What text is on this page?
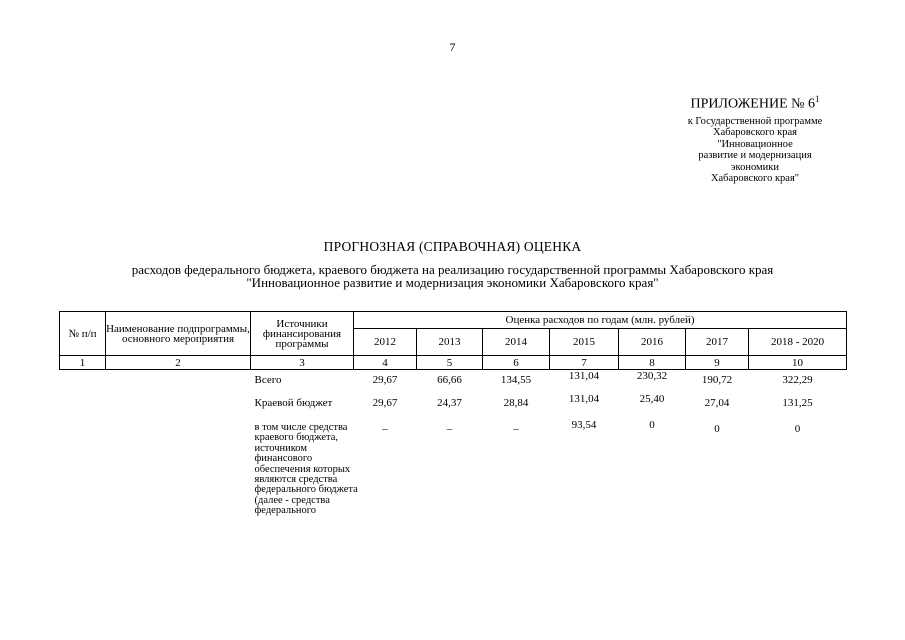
7
ПРИЛОЖЕНИЕ № $6^1$
к Государственной программе
Хабаровского края
"Инновационное
развитие и модернизация
экономики
Хабаровского края"
ПРОГНОЗНАЯ (СПРАВОЧНАЯ) ОЦЕНКА
расходов федерального бюджета, краевого бюджета на реализацию государственной программы Хабаровского края
"Инновационное развитие и модернизация экономики Хабаровского края"
№ п/п	Наименование подпрограммы, основного мероприятия	Источники финансирования программы	Оценка расходов по годам (млн. рублей)						
			2012	2013	2014	2015	2016	2017	2018 - 2020
1	2	3	4	5	6	7	8	9	10
		Всего	29,67	66,66	134,55	131,04	230,32	190,72	322,29
		Краевой бюджет	29,67	24,37	28,84	131,04	25,40	27,04	131,25

		в том числе средства краевого бюджета, источником финансового обеспечения которых являются средства федерального бюджета (далее - средства федерального	–	–	–	93,54	0	0	0
